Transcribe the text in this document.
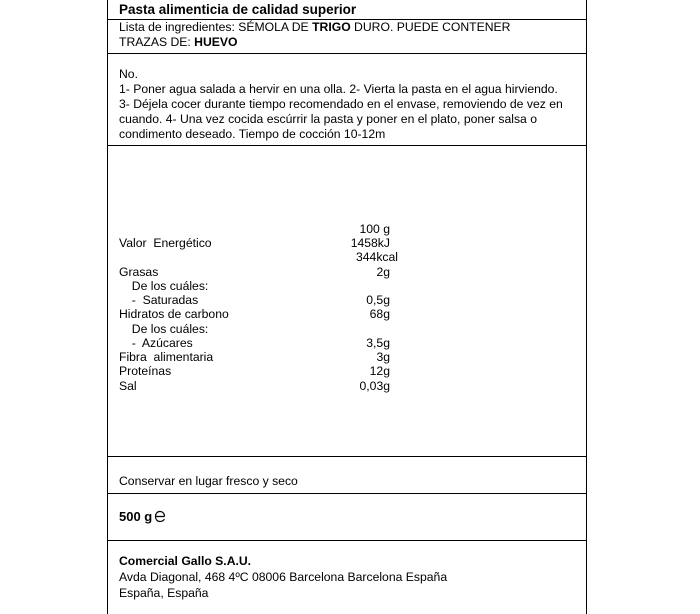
Pasta alimenticia de calidad superior
Lista de ingredientes: SÉMOLA DE TRIGO DURO. PUEDE CONTENER
TRAZAS DE: HUEVO
No.
1- Poner agua salada a hervir en una olla. 2- Vierta la pasta en el agua hirviendo.
3- Déjela cocer durante tiempo recomendado en el envase, removiendo de vez en
cuando. 4- Una vez cocida escúrrir la pasta y poner en el plato, poner salsa o
condimento deseado. Tiempo de cocción 10-12m
100 g
Valor  Energético	1458kJ
344kcal
Grasas	2g
De los cuáles:
-  Saturadas	0,5g
Hidratos de carbono	68g
De los cuáles:
-  Azúcares	3,5g
Fibra  alimentaria	3g
Proteínas	12g
Sal	0,03g
Conservar en lugar fresco y seco
500 g
Comercial Gallo S.A.U.
Avda Diagonal, 468 4ºC 08006 Barcelona Barcelona España
España, España
